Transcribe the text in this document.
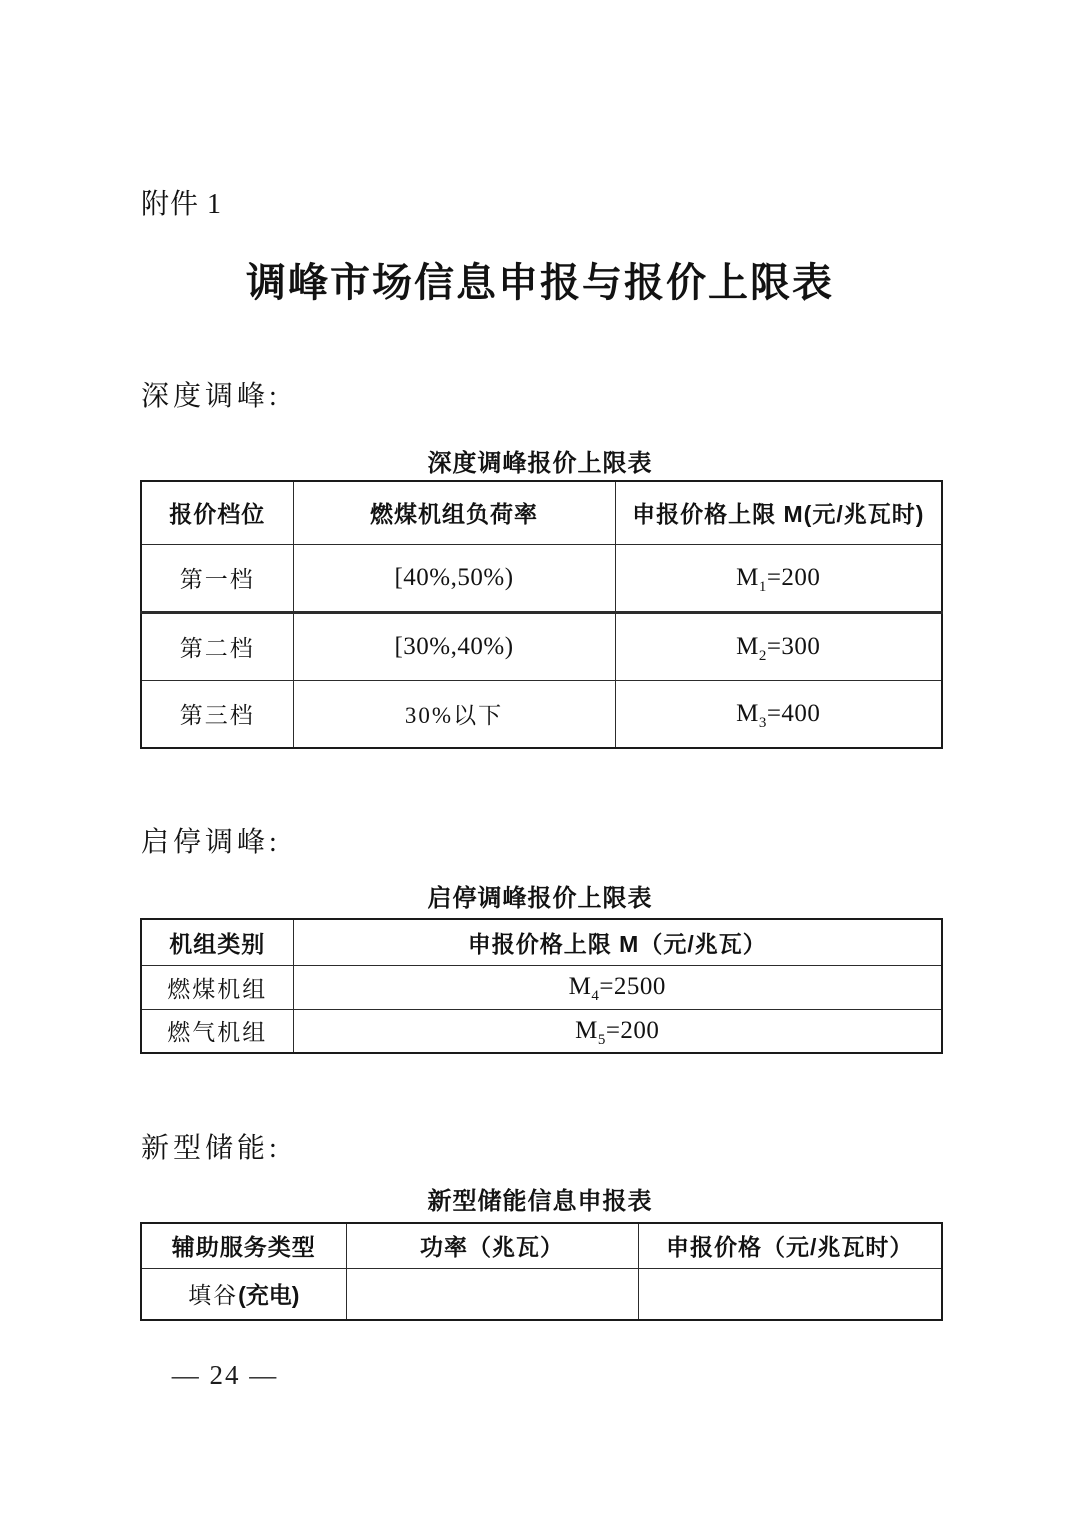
附件 1
调峰市场信息申报与报价上限表
深度调峰:
深度调峰报价上限表
报价档位	燃煤机组负荷率	申报价格上限 M(元/兆瓦时)
第一档	[40%,50%)	$M_1=200$
第二档	[30%,40%)	$M_2=300$
第三档	30%以下	$M_3=400$
启停调峰:
启停调峰报价上限表
机组类别	申报价格上限 M（元/兆瓦）
燃煤机组	$M_4=2500$
燃气机组	$M_5=200$
新型储能:
新型储能信息申报表
辅助服务类型	功率（兆瓦）	申报价格（元/兆瓦时）
填谷(充电)		
— 24 —
